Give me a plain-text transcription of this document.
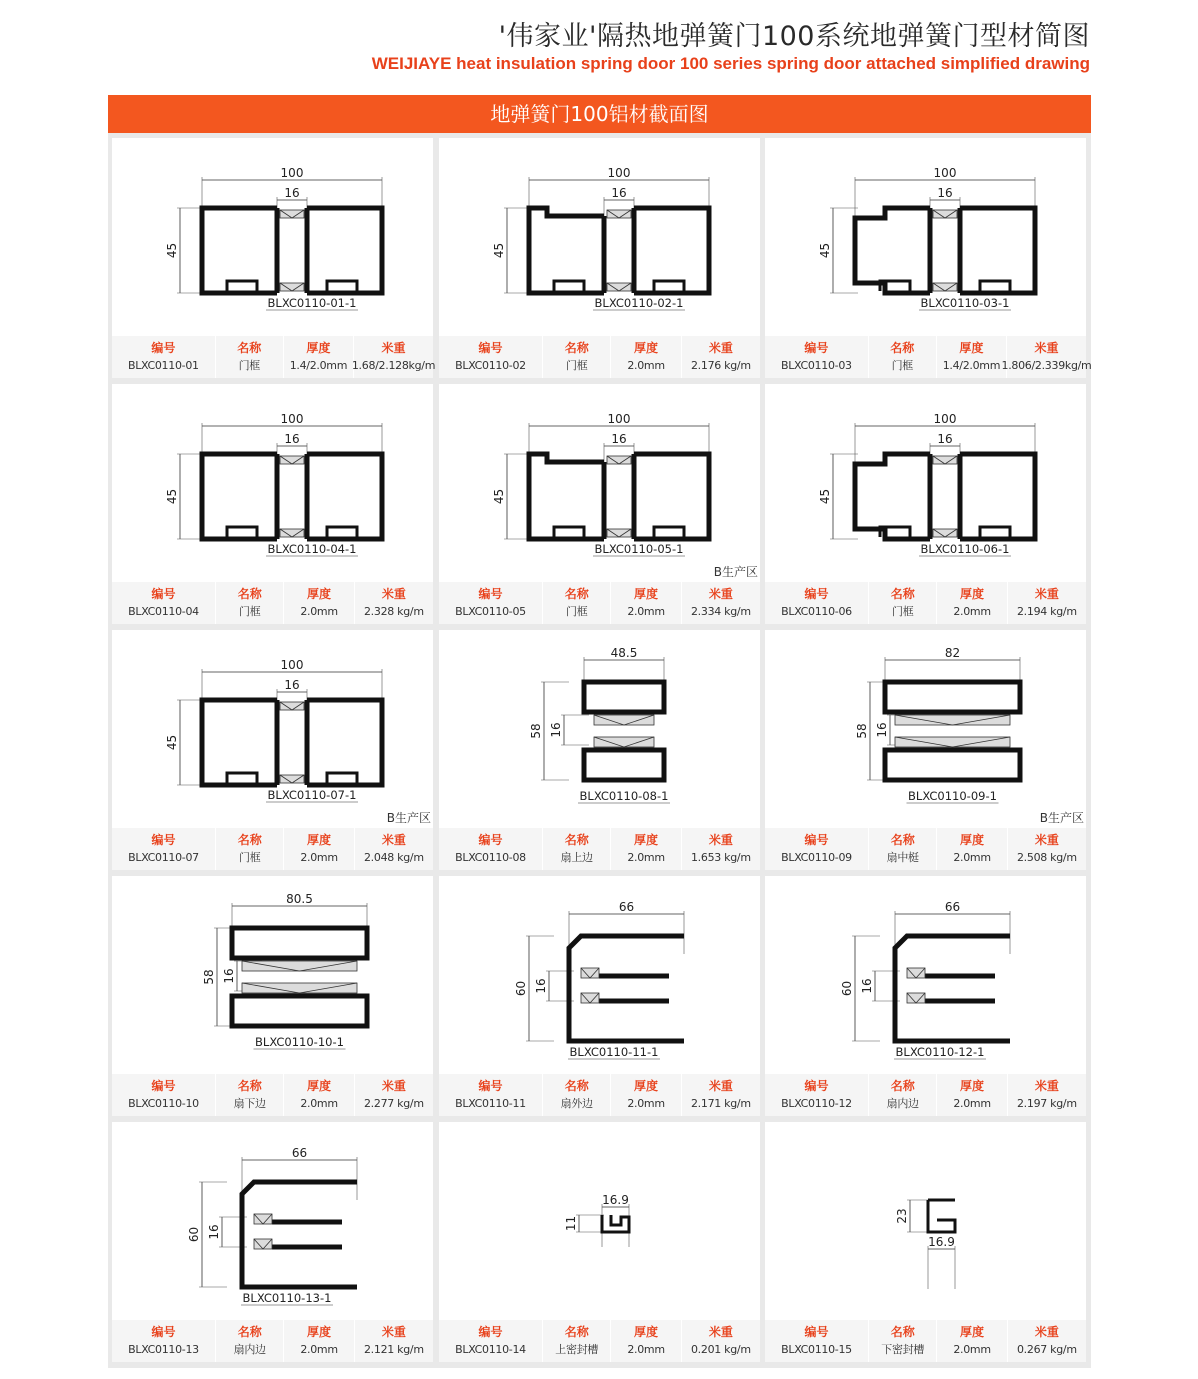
'伟家业'隔热地弹簧门100系统地弹簧门型材简图
WEIJIAYE heat insulation spring door 100 series spring door attached simplified drawing
地弹簧门100铝材截面图
100
16
45
BLXC0110-01-1
编号
BLXC0110-01
名称
门框
厚度
1.4/2.0mm
米重
1.68/2.128kg/m
100
16
45
BLXC0110-02-1
编号
BLXC0110-02
名称
门框
厚度
2.0mm
米重
2.176 kg/m
100
16
45
BLXC0110-03-1
编号
BLXC0110-03
名称
门框
厚度
1.4/2.0mm
米重
1.806/2.339kg/m
100
16
45
BLXC0110-04-1
编号
BLXC0110-04
名称
门框
厚度
2.0mm
米重
2.328 kg/m
100
16
45
BLXC0110-05-1
B生产区
编号
BLXC0110-05
名称
门框
厚度
2.0mm
米重
2.334 kg/m
100
16
45
BLXC0110-06-1
编号
BLXC0110-06
名称
门框
厚度
2.0mm
米重
2.194 kg/m
100
16
45
BLXC0110-07-1
B生产区
编号
BLXC0110-07
名称
门框
厚度
2.0mm
米重
2.048 kg/m
48.5
58 16
BLXC0110-08-1
编号
BLXC0110-08
名称
扇上边
厚度
2.0mm
米重
1.653 kg/m
82
58 16
BLXC0110-09-1
B生产区
编号
BLXC0110-09
名称
扇中梃
厚度
2.0mm
米重
2.508 kg/m
80.5
58 16
BLXC0110-10-1
编号
BLXC0110-10
名称
扇下边
厚度
2.0mm
米重
2.277 kg/m
66
60 16
BLXC0110-11-1
编号
BLXC0110-11
名称
扇外边
厚度
2.0mm
米重
2.171 kg/m
66
60 16
BLXC0110-12-1
编号
BLXC0110-12
名称
扇内边
厚度
2.0mm
米重
2.197 kg/m
66
60 16
BLXC0110-13-1
编号
BLXC0110-13
名称
扇内边
厚度
2.0mm
米重
2.121 kg/m
16.9
11
编号
BLXC0110-14
名称
上密封槽
厚度
2.0mm
米重
0.201 kg/m
23
16.9
编号
BLXC0110-15
名称
下密封槽
厚度
2.0mm
米重
0.267 kg/m
